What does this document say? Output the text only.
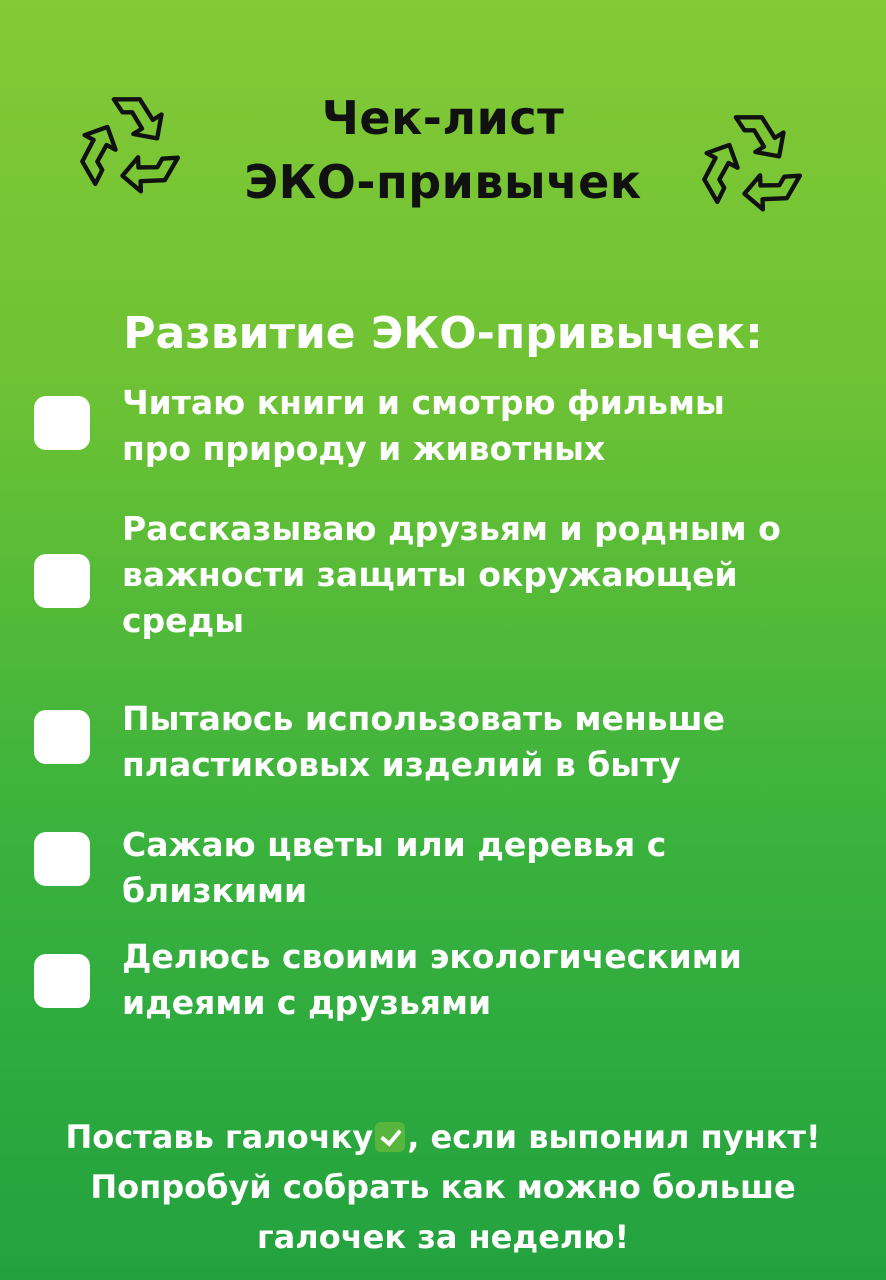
Чек-лист
ЭКО-привычек
Развитие ЭКО-привычек:
Читаю книги и смотрю фильмы
про природу и животных
Рассказываю друзьям и родным о
важности защиты окружающей
среды
Пытаюсь использовать меньше
пластиковых изделий в быту
Сажаю цветы или деревья с
близкими
Делюсь своими экологическими
идеями с друзьями
Поставь галочку , если выпонил пункт!
Попробуй собрать как можно больше
галочек за неделю!
